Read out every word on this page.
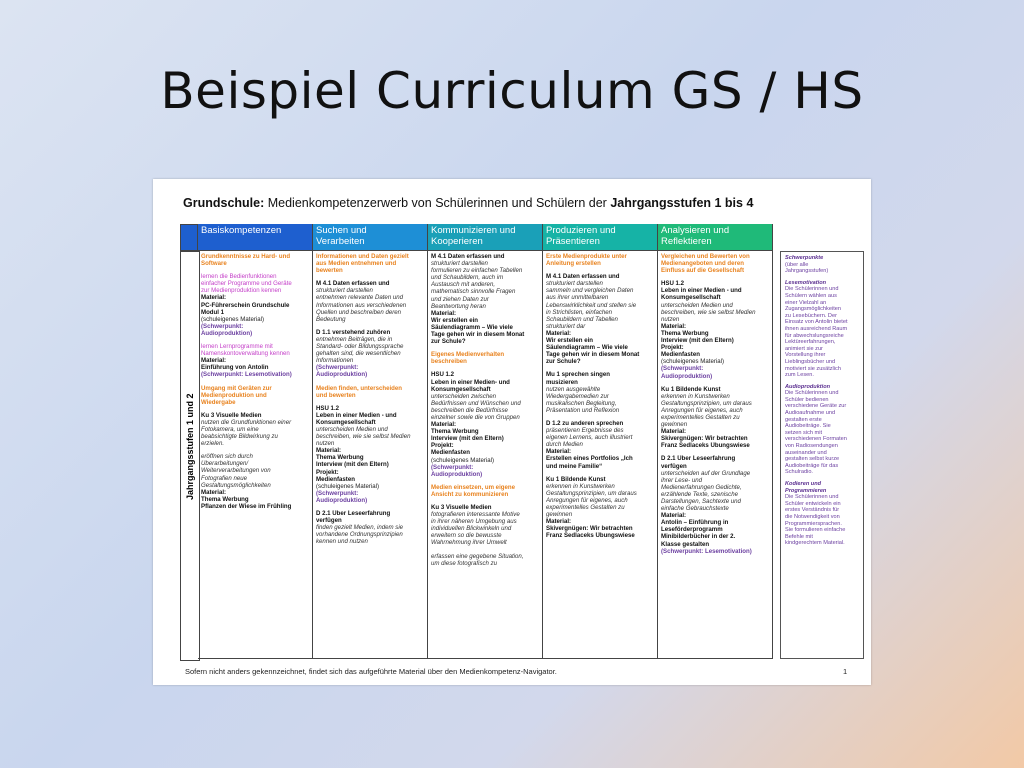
Beispiel Curriculum GS / HS
Grundschule: Medienkompetenzerwerb von Schülerinnen und Schülern der Jahrgangsstufen 1 bis 4
Jahrgangsstufen 1 und 2
Basiskompetenzen
Grundkenntnisse zu Hard- und
Software
lernen die Bedienfunktionen
einfacher Programme und Geräte
zur Medienproduktion kennen
Material:
PC-Führerschein Grundschule
Modul 1
(schuleigenes Material)
(Schwerpunkt:
Audioproduktion)
lernen Lernprogramme mit
Namenskontoverwaltung kennen
Material:
Einführung von Antolin
(Schwerpunkt: Lesemotivation)
Umgang mit Geräten zur
Medienproduktion und
Wiedergabe
Ku 3 Visuelle Medien
nutzen die Grundfunktionen einer
Fotokamera, um eine
beabsichtigte Bildwirkung zu
erzielen.
eröffnen sich durch
Überarbeitungen/
Weiterverarbeitungen von
Fotografien neue
Gestaltungsmöglichkeiten
Material:
Thema Werbung
Pflanzen der Wiese im Frühling
Suchen und
Verarbeiten
Informationen und Daten gezielt
aus Medien entnehmen und
bewerten
M 4.1 Daten erfassen und
strukturiert darstellen
entnehmen relevante Daten und
Informationen aus verschiedenen
Quellen und beschreiben deren
Bedeutung
D 1.1 verstehend zuhören
entnehmen Beiträgen, die in
Standard- oder Bildungssprache
gehalten sind, die wesentlichen
Informationen
(Schwerpunkt:
Audioproduktion)
Medien finden, unterscheiden
und bewerten
HSU 1.2
Leben in einer Medien - und
Konsumgesellschaft
unterscheiden Medien und
beschreiben, wie sie selbst Medien
nutzen
Material:
Thema Werbung
Interview (mit den Eltern)
Projekt:
Medienfasten
(schuleigenes Material)
(Schwerpunkt:
Audioproduktion)
D 2.1 Über Leseerfahrung
verfügen
finden gezielt Medien, indem sie
vorhandene Ordnungsprinzipien
kennen und nutzen
Kommunizieren und
Kooperieren
M 4.1 Daten erfassen und
strukturiert darstellen
formulieren zu einfachen Tabellen
und Schaubildern, auch im
Austausch mit anderen,
mathematisch sinnvolle Fragen
und ziehen Daten zur
Beantwortung heran
Material:
Wir erstellen ein
Säulendiagramm – Wie viele
Tage gehen wir in diesem Monat
zur Schule?
Eigenes Medienverhalten
beschreiben
HSU 1.2
Leben in einer Medien- und
Konsumgesellschaft
unterscheiden zwischen
Bedürfnissen und Wünschen und
beschreiben die Bedürfnisse
einzelner sowie die von Gruppen
Material:
Thema Werbung
Interview (mit den Eltern)
Projekt:
Medienfasten
(schuleigenes Material)
(Schwerpunkt:
Audioproduktion)
Medien einsetzen, um eigene
Ansicht zu kommunizieren
Ku 3 Visuelle Medien
fotografieren interessante Motive
in ihrer näheren Umgebung aus
individuellen Blickwinkeln und
erweitern so die bewusste
Wahrnehmung ihrer Umwelt
erfassen eine gegebene Situation,
um diese fotografisch zu
Produzieren und
Präsentieren
Erste Medienprodukte unter
Anleitung erstellen
M 4.1 Daten erfassen und
strukturiert darstellen
sammeln und vergleichen Daten
aus ihrer unmittelbaren
Lebenswirklichkeit und stellen sie
in Strichlisten, einfachen
Schaubildern und Tabellen
strukturiert dar
Material:
Wir erstellen ein
Säulendiagramm – Wie viele
Tage gehen wir in diesem Monat
zur Schule?
Mu 1 sprechen singen
musizieren
nutzen ausgewählte
Wiedergabemedien zur
musikalischen Begleitung,
Präsentation und Reflexion
D 1.2 zu anderen sprechen
präsentieren Ergebnisse des
eigenen Lernens, auch illustriert
durch Medien
Material:
Erstellen eines Portfolios „Ich
und meine Familie“
Ku 1 Bildende Kunst
erkennen in Kunstwerken
Gestaltungsprinzipien, um daraus
Anregungen für eigenes, auch
experimentelles Gestalten zu
gewinnen
Material:
Skivergnügen: Wir betrachten
Franz Sedlaceks Übungswiese
Analysieren und
Reflektieren
Vergleichen und Bewerten von
Medienangeboten und deren
Einfluss auf die Gesellschaft
HSU 1.2
Leben in einer Medien - und
Konsumgesellschaft
unterscheiden Medien und
beschreiben, wie sie selbst Medien
nutzen
Material:
Thema Werbung
Interview (mit den Eltern)
Projekt:
Medienfasten
(schuleigenes Material)
(Schwerpunkt:
Audioproduktion)
Ku 1 Bildende Kunst
erkennen in Kunstwerken
Gestaltungsprinzipien, um daraus
Anregungen für eigenes, auch
experimentelles Gestalten zu
gewinnen
Material:
Skivergnügen: Wir betrachten
Franz Sedlaceks Übungswiese
D 2.1 Über Leseerfahrung
verfügen
unterscheiden auf der Grundlage
ihrer Lese- und
Medienerfahrungen Gedichte,
erzählende Texte, szenische
Darstellungen, Sachtexte und
einfache Gebrauchstexte
Material:
Antolin – Einführung in
Leseförderprogramm
Minibilderbücher in der 2.
Klasse gestalten
(Schwerpunkt: Lesemotivation)
Schwerpunkte
(über alle
Jahrgangsstufen)
Lesemotivation
Die Schülerinnen und
Schülern wählen aus
einer Vielzahl an
Zugangsmöglichkeiten
zu Lesebüchern. Der
Einsatz von Antolin bietet
ihnen ausreichend Raum
für abwechslungsreiche
Lektüreerfahrungen,
animiert sie zur
Vorstellung ihrer
Lieblingsbücher und
motiviert sie zusätzlich
zum Lesen.
Audioproduktion
Die Schülerinnen und
Schüler bedienen
verschiedene Geräte zur
Audioaufnahme und
gestalten erste
Audiobeiträge. Sie
setzen sich mit
verschiedenen Formaten
von Radiosendungen
auseinander und
gestalten selbst kurze
Audiobeiträge für das
Schulradio.
Kodieren und
Programmieren
Die Schülerinnen und
Schüler entwickeln ein
erstes Verständnis für
die Notwendigkeit von
Programmiersprachen.
Sie formulieren einfache
Befehle mit
kindgerechtem Material.
Sofern nicht anders gekennzeichnet, findet sich das aufgeführte Material über den Medienkompetenz-Navigator.	1
